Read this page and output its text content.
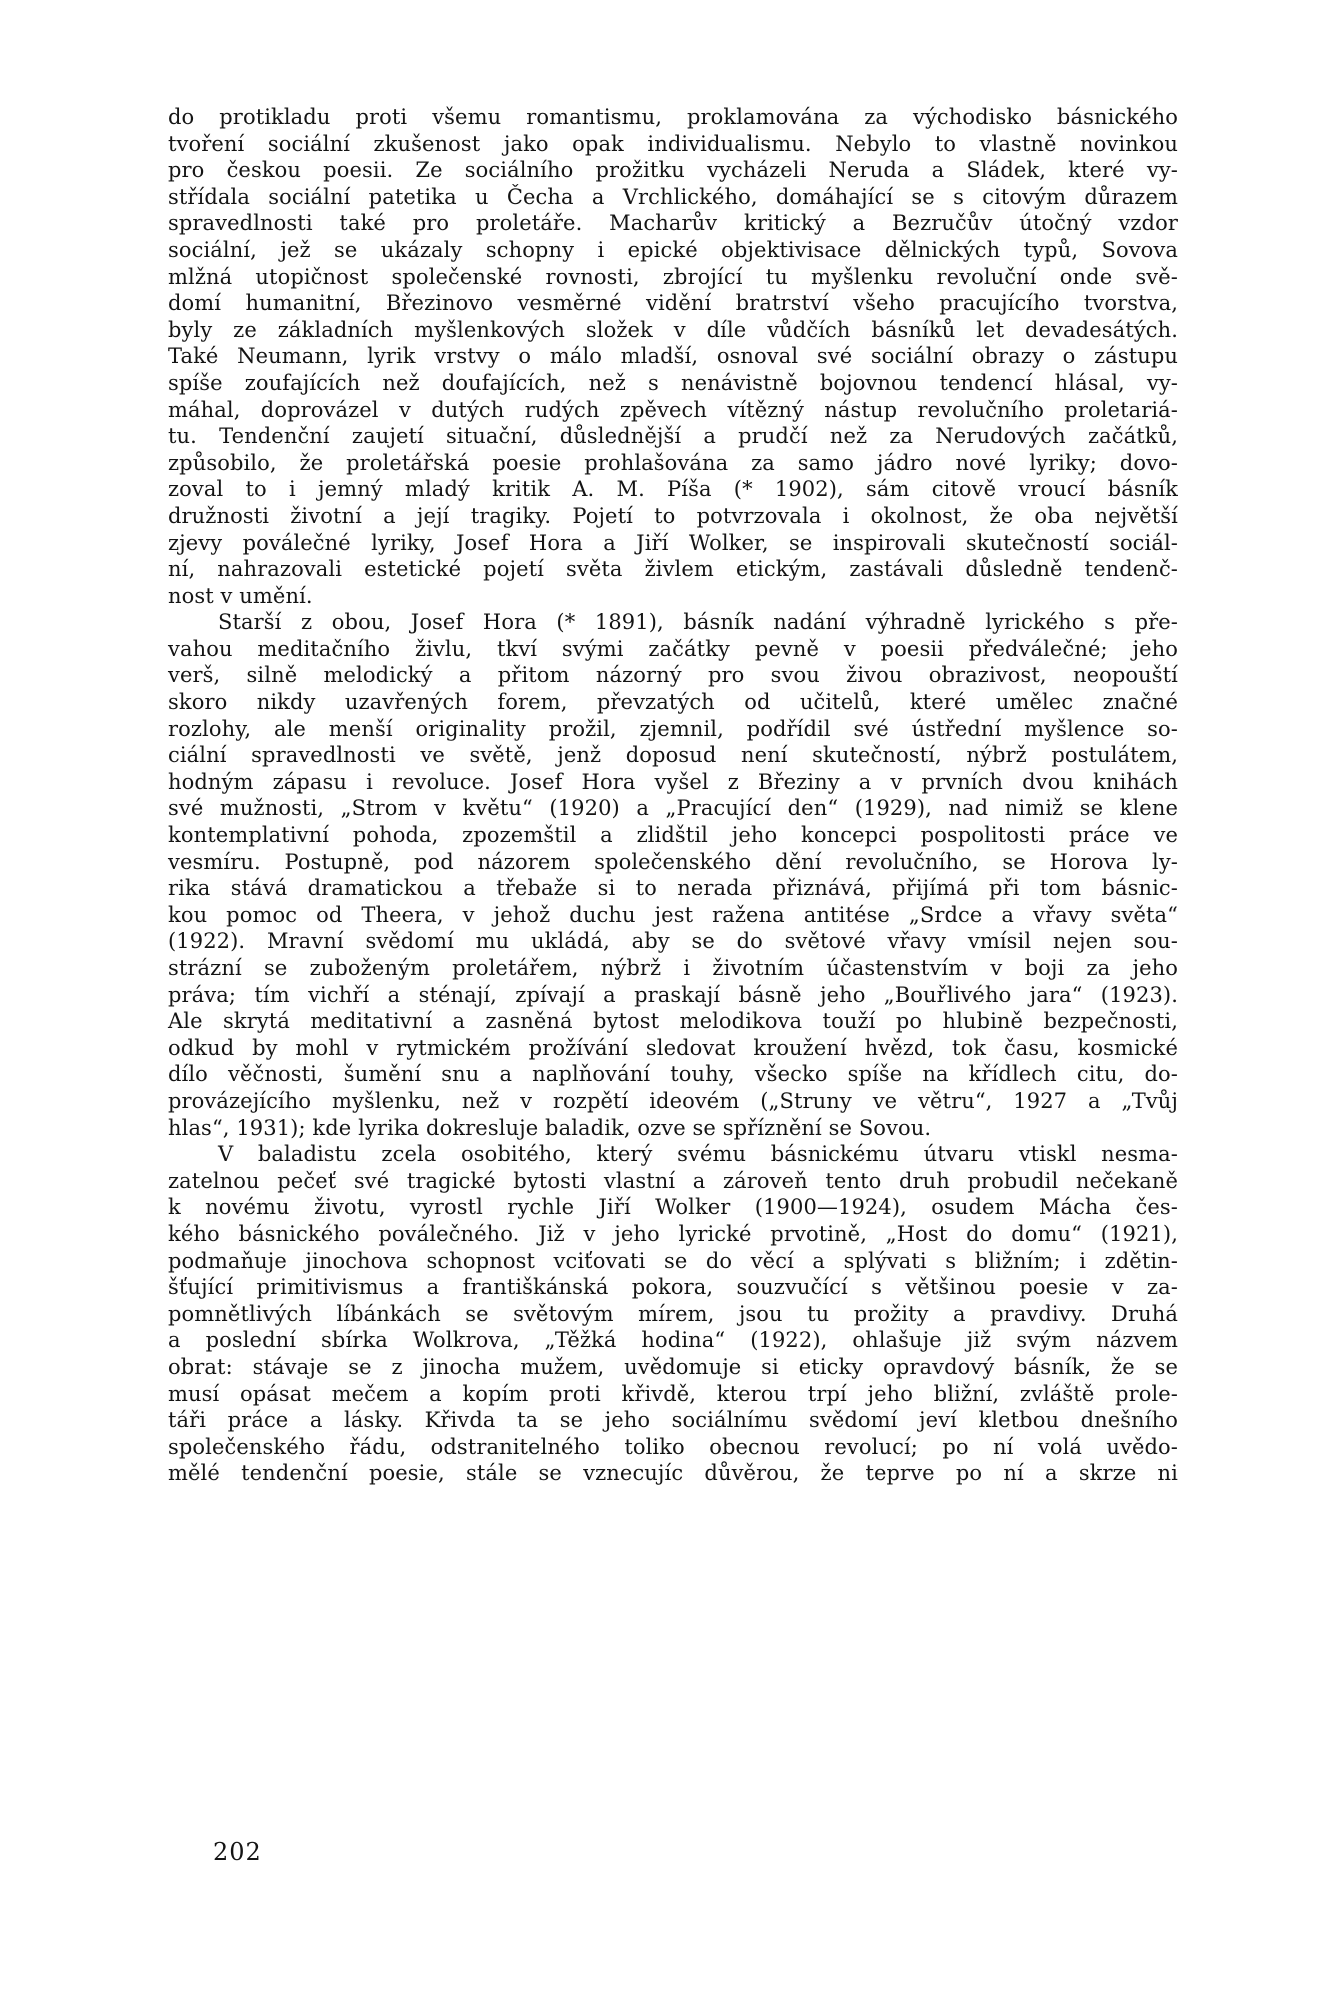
do protikladu proti všemu romantismu, proklamována za východisko básnického
tvoření sociální zkušenost jako opak individualismu. Nebylo to vlastně novinkou
pro českou poesii. Ze sociálního prožitku vycházeli Neruda a Sládek, které vy-
střídala sociální patetika u Čecha a Vrchlického, domáhající se s citovým důrazem
spravedlnosti také pro proletáře. Macharův kritický a Bezručův útočný vzdor
sociální, jež se ukázaly schopny i epické objektivisace dělnických typů, Sovova
mlžná utopičnost společenské rovnosti, zbrojící tu myšlenku revoluční onde svě-
domí humanitní, Březinovo vesměrné vidění bratrství všeho pracujícího tvorstva,
byly ze základních myšlenkových složek v díle vůdčích básníků let devadesátých.
Také Neumann, lyrik vrstvy o málo mladší, osnoval své sociální obrazy o zástupu
spíše zoufajících než doufajících, než s nenávistně bojovnou tendencí hlásal, vy-
máhal, doprovázel v dutých rudých zpěvech vítězný nástup revolučního proletariá-
tu. Tendenční zaujetí situační, důslednější a prudčí než za Nerudových začátků,
způsobilo, že proletářská poesie prohlašována za samo jádro nové lyriky; dovo-
zoval to i jemný mladý kritik A. M. Píša (* 1902), sám citově vroucí básník
družnosti životní a její tragiky. Pojetí to potvrzovala i okolnost, že oba největší
zjevy poválečné lyriky, Josef Hora a Jiří Wolker, se inspirovali skutečností sociál-
ní, nahrazovali estetické pojetí světa živlem etickým, zastávali důsledně tendenč-
nost v umění.
Starší z obou, Josef Hora (* 1891), básník nadání výhradně lyrického s pře-
vahou meditačního živlu, tkví svými začátky pevně v poesii předválečné; jeho
verš, silně melodický a přitom názorný pro svou živou obrazivost, neopouští
skoro nikdy uzavřených forem, převzatých od učitelů, které umělec značné
rozlohy, ale menší originality prožil, zjemnil, podřídil své ústřední myšlence so-
ciální spravedlnosti ve světě, jenž doposud není skutečností, nýbrž postulátem,
hodným zápasu i revoluce. Josef Hora vyšel z Březiny a v prvních dvou knihách
své mužnosti, „Strom v květu“ (1920) a „Pracující den“ (1929), nad nimiž se klene
kontemplativní pohoda, zpozemštil a zlidštil jeho koncepci pospolitosti práce ve
vesmíru. Postupně, pod názorem společenského dění revolučního, se Horova ly-
rika stává dramatickou a třebaže si to nerada přiznává, přijímá při tom básnic-
kou pomoc od Theera, v jehož duchu jest ražena antitése „Srdce a vřavy světa“
(1922). Mravní svědomí mu ukládá, aby se do světové vřavy vmísil nejen sou-
strázní se zuboženým proletářem, nýbrž i životním účastenstvím v boji za jeho
práva; tím vichří a sténají, zpívají a praskají básně jeho „Bouřlivého jara“ (1923).
Ale skrytá meditativní a zasněná bytost melodikova touží po hlubině bezpečnosti,
odkud by mohl v rytmickém prožívání sledovat kroužení hvězd, tok času, kosmické
dílo věčnosti, šumění snu a naplňování touhy, všecko spíše na křídlech citu, do-
provázejícího myšlenku, než v rozpětí ideovém („Struny ve větru“, 1927 a „Tvůj
hlas“, 1931); kde lyrika dokresluje baladik, ozve se spříznění se Sovou.
V baladistu zcela osobitého, který svému básnickému útvaru vtiskl nesma-
zatelnou pečeť své tragické bytosti vlastní a zároveň tento druh probudil nečekaně
k novému životu, vyrostl rychle Jiří Wolker (1900—1924), osudem Mácha čes-
kého básnického poválečného. Již v jeho lyrické prvotině, „Host do domu“ (1921),
podmaňuje jinochova schopnost vciťovati se do věcí a splývati s bližním; i zdětin-
šťující primitivismus a františkánská pokora, souzvučící s většinou poesie v za-
pomnětlivých líbánkách se světovým mírem, jsou tu prožity a pravdivy. Druhá
a poslední sbírka Wolkrova, „Těžká hodina“ (1922), ohlašuje již svým názvem
obrat: stávaje se z jinocha mužem, uvědomuje si eticky opravdový básník, že se
musí opásat mečem a kopím proti křivdě, kterou trpí jeho bližní, zvláště prole-
táři práce a lásky. Křivda ta se jeho sociálnímu svědomí jeví kletbou dnešního
společenského řádu, odstranitelného toliko obecnou revolucí; po ní volá uvědo-
mělé tendenční poesie, stále se vznecujíc důvěrou, že teprve po ní a skrze ni
202
